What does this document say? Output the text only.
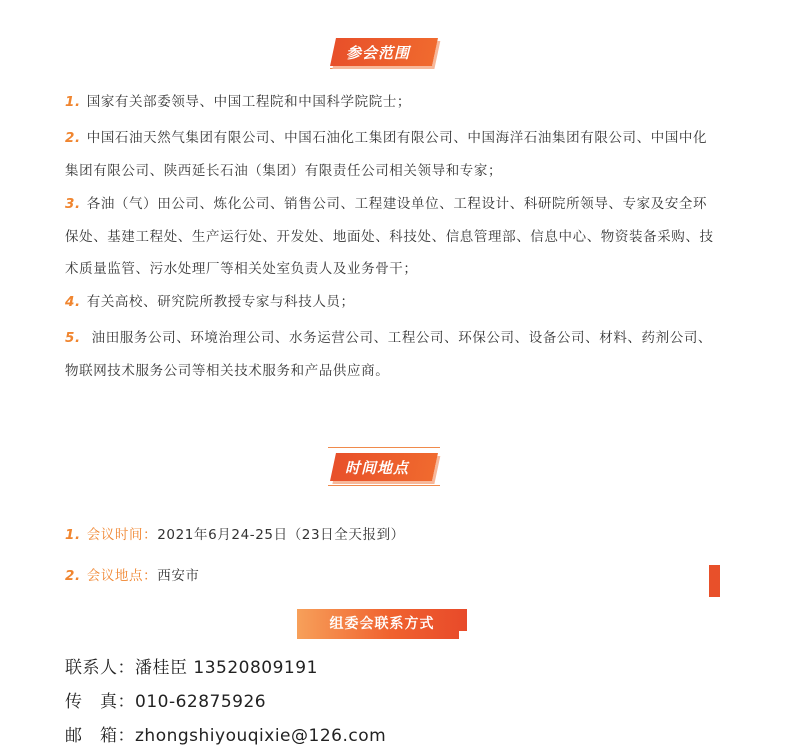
参会范围
1. 国家有关部委领导、中国工程院和中国科学院院士；
2. 中国石油天然气集团有限公司、中国石油化工集团有限公司、中国海洋石油集团有限公司、中国中化集团有限公司、陕西延长石油（集团）有限责任公司相关领导和专家；
3. 各油（气）田公司、炼化公司、销售公司、工程建设单位、工程设计、科研院所领导、专家及安全环保处、基建工程处、生产运行处、开发处、地面处、科技处、信息管理部、信息中心、物资装备采购、技术质量监管、污水处理厂等相关处室负责人及业务骨干；
4. 有关高校、研究院所教授专家与科技人员；
5. 油田服务公司、环境治理公司、水务运营公司、工程公司、环保公司、设备公司、材料、药剂公司、物联网技术服务公司等相关技术服务和产品供应商。
时间地点
1. 会议时间：2021年6月24-25日（23日全天报到）
2. 会议地点：西安市
组委会联系方式
联系人：潘桂臣 13520809191
传　真：010-62875926
邮　箱：zhongshiyouqixie@126.com
